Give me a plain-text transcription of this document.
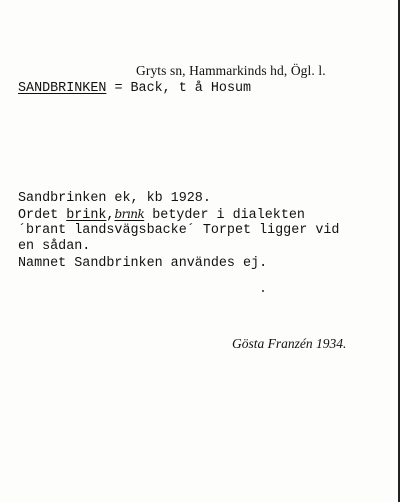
Gryts sn, Hammarkinds hd, Ögl. l.
SANDBRINKEN = Back, t å Hosum
Sandbrinken ek, kb 1928.
Ordet brink,brınk betyder i dialekten
´brant landsvägsbacke´ Torpet ligger vid
en sådan.
Namnet Sandbrinken användes ej.
Gösta Franzén 1934.
